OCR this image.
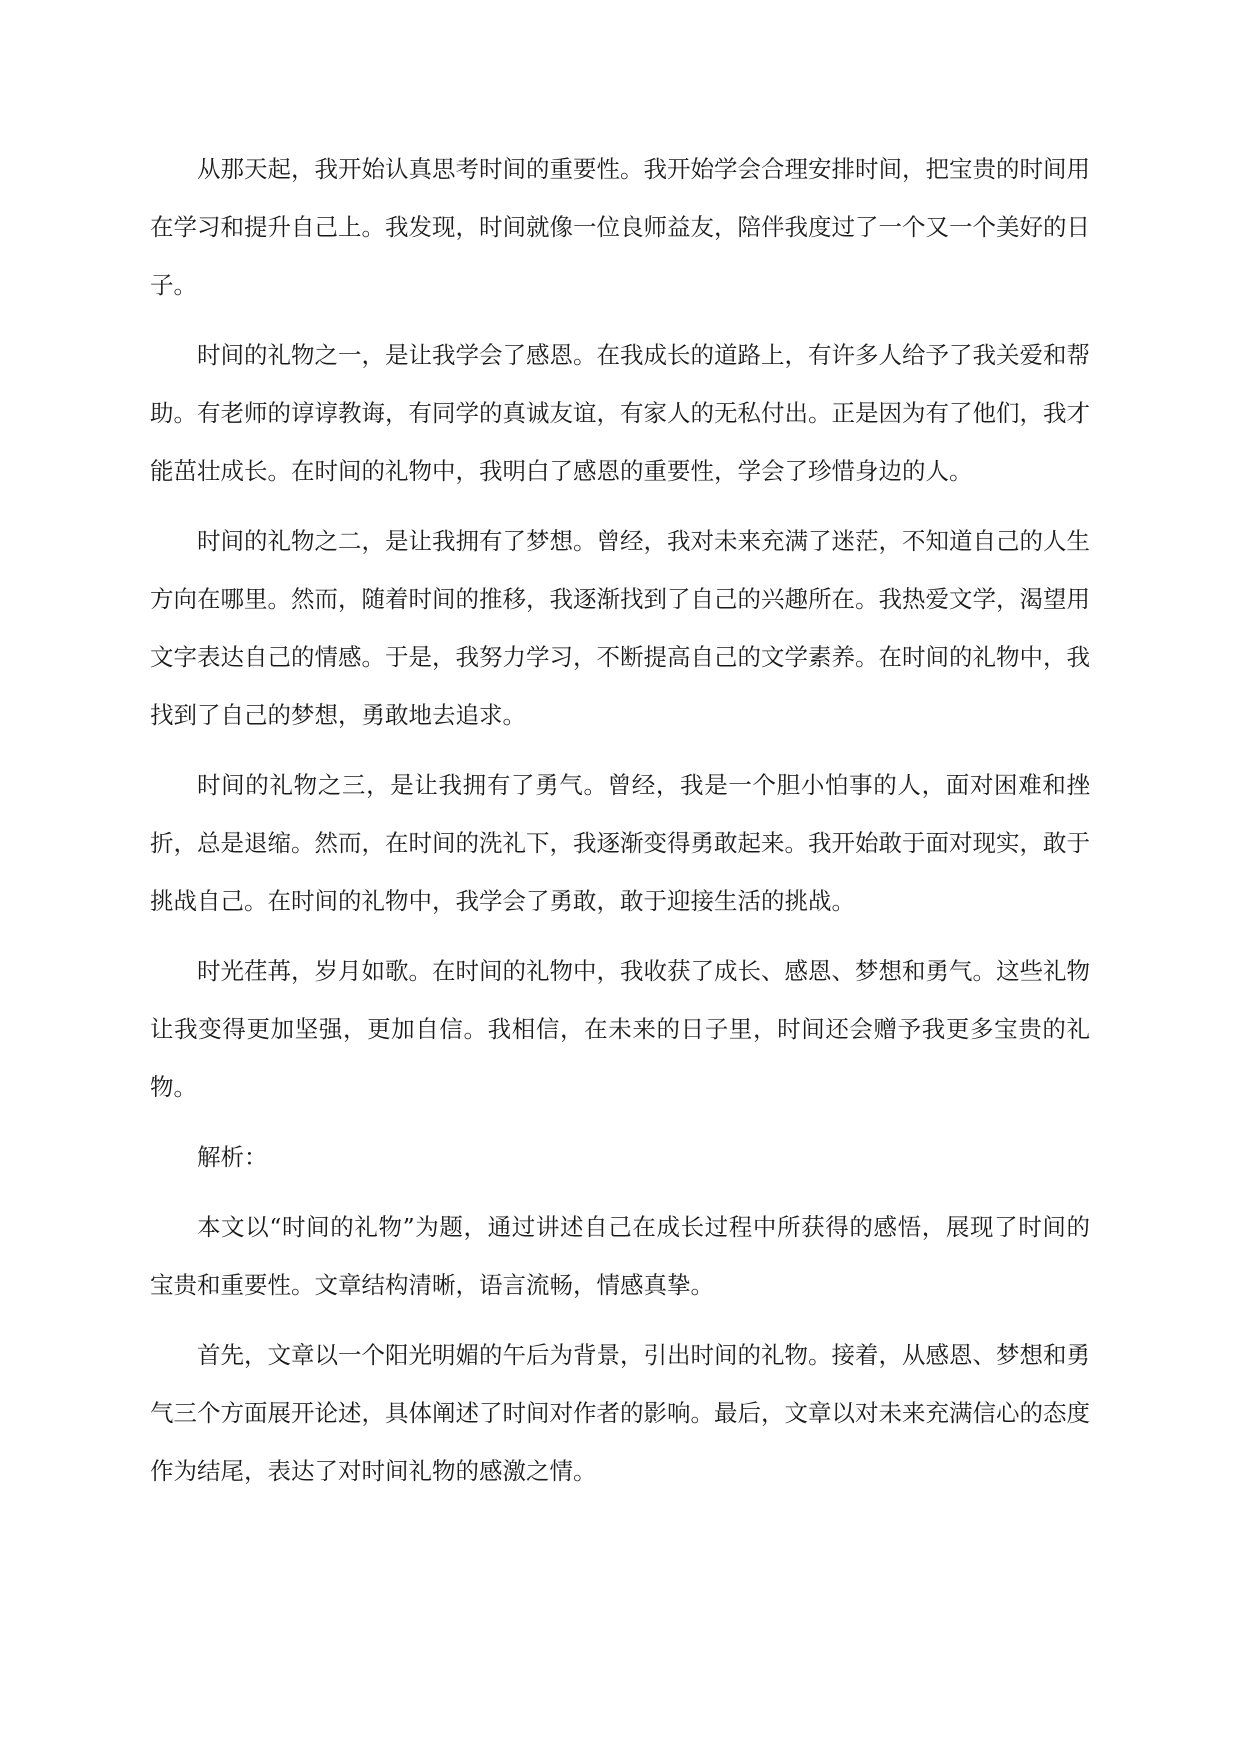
从那天起，我开始认真思考时间的重要性。我开始学会合理安排时间，把宝贵的时间用在学习和提升自己上。我发现，时间就像一位良师益友，陪伴我度过了一个又一个美好的日子。

时间的礼物之一，是让我学会了感恩。在我成长的道路上，有许多人给予了我关爱和帮助。有老师的谆谆教诲，有同学的真诚友谊，有家人的无私付出。正是因为有了他们，我才能茁壮成长。在时间的礼物中，我明白了感恩的重要性，学会了珍惜身边的人。

时间的礼物之二，是让我拥有了梦想。曾经，我对未来充满了迷茫，不知道自己的人生方向在哪里。然而，随着时间的推移，我逐渐找到了自己的兴趣所在。我热爱文学，渴望用文字表达自己的情感。于是，我努力学习，不断提高自己的文学素养。在时间的礼物中，我找到了自己的梦想，勇敢地去追求。

时间的礼物之三，是让我拥有了勇气。曾经，我是一个胆小怕事的人，面对困难和挫折，总是退缩。然而，在时间的洗礼下，我逐渐变得勇敢起来。我开始敢于面对现实，敢于挑战自己。在时间的礼物中，我学会了勇敢，敢于迎接生活的挑战。

时光荏苒，岁月如歌。在时间的礼物中，我收获了成长、感恩、梦想和勇气。这些礼物让我变得更加坚强，更加自信。我相信，在未来的日子里，时间还会赠予我更多宝贵的礼物。

解析：

本文以“时间的礼物”为题，通过讲述自己在成长过程中所获得的感悟，展现了时间的宝贵和重要性。文章结构清晰，语言流畅，情感真挚。

首先，文章以一个阳光明媚的午后为背景，引出时间的礼物。接着，从感恩、梦想和勇气三个方面展开论述，具体阐述了时间对作者的影响。最后，文章以对未来充满信心的态度作为结尾，表达了对时间礼物的感激之情。
